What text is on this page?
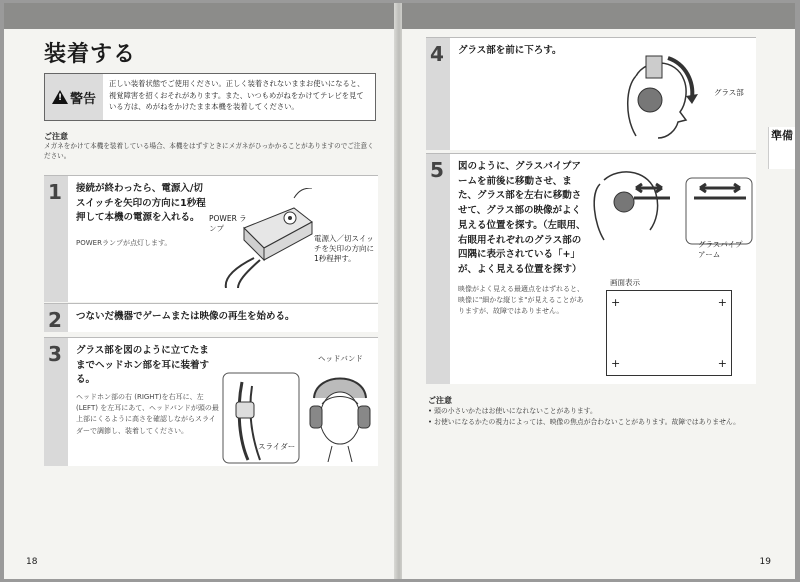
装着する
! 警告
正しい装着状態でご使用ください。正しく装着されないままお使いになると、視覚障害を招くおそれがあります。また、いつもめがねをかけてテレビを見ている方は、めがねをかけたまま本機を装着してください。
ご注意
メガネをかけて本機を装着している場合、本機をはずすときにメガネがひっかかることがありますのでご注意ください。
1 接続が終わったら、電源入/切スイッチを矢印の方向に1秒程押して本機の電源を入れる。
POWERランプが点灯します。
POWER ランプ
電源入／切スイッチを矢印の方向に1秒程押す。
2 つないだ機器でゲームまたは映像の再生を始める。
3 グラス部を図のように立てたままでヘッドホン部を耳に装着する。
ヘッドホン部の右 (RIGHT)を右耳に、左 (LEFT) を左耳にあて、ヘッドバンドが頭の最上部にくるように高さを確認しながらスライダーで調節し、装着してください。
ヘッドバンド
スライダー
18
4 グラス部を前に下ろす。
グラス部
5 図のように、グラスパイプアームを前後に移動させ、また、グラス部を左右に移動させて、グラス部の映像がよく見える位置を探す。（左眼用、右眼用それぞれのグラス部の四隅に表示されている「+」が、よく見える位置を探す）
映像がよく見える最適点をはずれると、映像に"細かな縦じま"が見えることがありますが、故障ではありません。
グラスパイプアーム
画面表示
+	+
+	+
ご注意
• 頭の小さいかたはお使いになれないことがあります。
• お使いになるかたの視力によっては、映像の焦点が合わないことがあります。故障ではありません。
準備
19
